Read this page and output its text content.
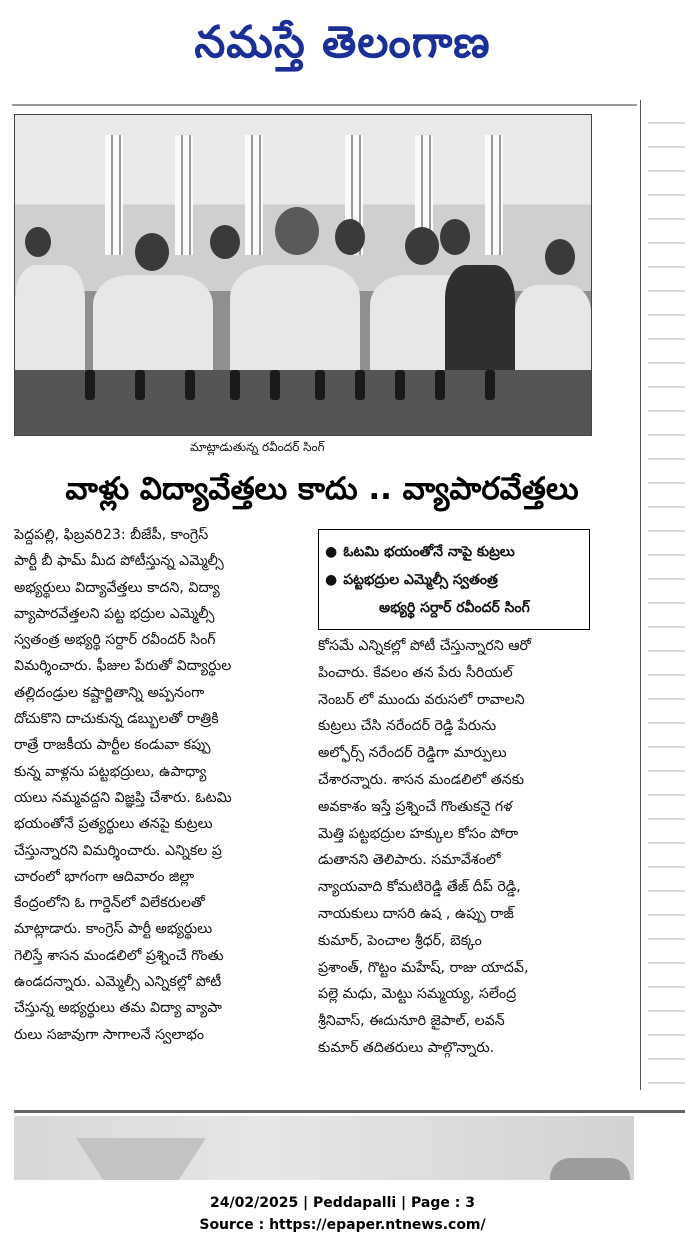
నమస్తే తెలంగాణ
మాట్లాడుతున్న రవీందర్ సింగ్
వాళ్లు విద్యావేత్తలు కాదు .. వ్యాపారవేత్తలు

పెద్దపల్లి, ఫిబ్రవరి23: బీజేపీ, కాంగ్రెస్

పార్టీ బీ ఫామ్ మీద పోటీస్తున్న ఎమ్మెల్సీ

అభ్యర్థులు విద్యావేత్తలు కాదని, విద్యా

వ్యాపారవేత్తలని పట్ట భద్రుల ఎమ్మెల్సీ

స్వతంత్ర అభ్యర్థి సర్దార్ రవీందర్ సింగ్

విమర్శించారు. ఫీజుల పేరుతో విద్యార్థుల

తల్లిదండ్రుల కష్టార్జితాన్ని అప్పనంగా

దోచుకొని దాచుకున్న డబ్బులతో రాత్రికి

రాత్రే రాజకీయ పార్టీల కండువా కప్పు

కున్న వాళ్లను పట్టభద్రులు, ఉపాధ్యా

యలు నమ్మవద్దని విజ్ఞప్తి చేశారు. ఓటమి

భయంతోనే ప్రత్యర్థులు తనపై కుట్రలు

చేస్తున్నారని విమర్శించారు. ఎన్నికల ప్ర

చారంలో భాగంగా ఆదివారం జిల్లా

కేంద్రంలోని ఓ గార్డెన్‌లో విలేకరులతో

మాట్లాడారు. కాంగ్రెస్ పార్టీ అభ్యర్థులు

గెలిస్తే శాసన మండలిలో ప్రశ్నించే గొంతు

ఉండదన్నారు. ఎమ్మెల్సీ ఎన్నికల్లో పోటీ

చేస్తున్న అభ్యర్థులు తమ విద్యా వ్యాపా

రులు సజావుగా సాగాలనే స్వలాభం

● ఓటమి భయంతోనే నాపై కుట్రలు
● పట్టభద్రుల ఎమ్మెల్సీ స్వతంత్ర
అభ్యర్థి సర్దార్ రవీందర్ సింగ్

కోసమే ఎన్నికల్లో పోటీ చేస్తున్నారని ఆరో

పించారు. కేవలం తన పేరు సీరియల్

నెంబర్ లో ముందు వరుసలో రావాలని

కుట్రలు చేసి నరేందర్ రెడ్డి పేరును

అల్ఫోర్స్ నరేందర్ రెడ్డిగా మార్పులు

చేశారన్నారు. శాసన మండలిలో తనకు

అవకాశం ఇస్తే ప్రశ్నించే గొంతుకనై గళ

మెత్తి పట్టభద్రుల హక్కుల కోసం పోరా

డుతానని తెలిపారు. సమావేశంలో

న్యాయవాది కోమటిరెడ్డి తేజ్ దీప్ రెడ్డి,

నాయకులు దాసరి ఉష , ఉప్పు రాజ్

కుమార్, పెంచాల శ్రీధర్, బెక్కం

ప్రశాంత్, గొట్టం మహేష్, రాజు యాదవ్,

పల్లె మధు, మెట్టు సమ్మయ్య, సలేంద్ర

శ్రీనివాస్, ఈదునూరి జైపాల్, లవన్

కుమార్ తదితరులు పాల్గొన్నారు.

24/02/2025 | Peddapalli | Page : 3
Source : https://epaper.ntnews.com/
